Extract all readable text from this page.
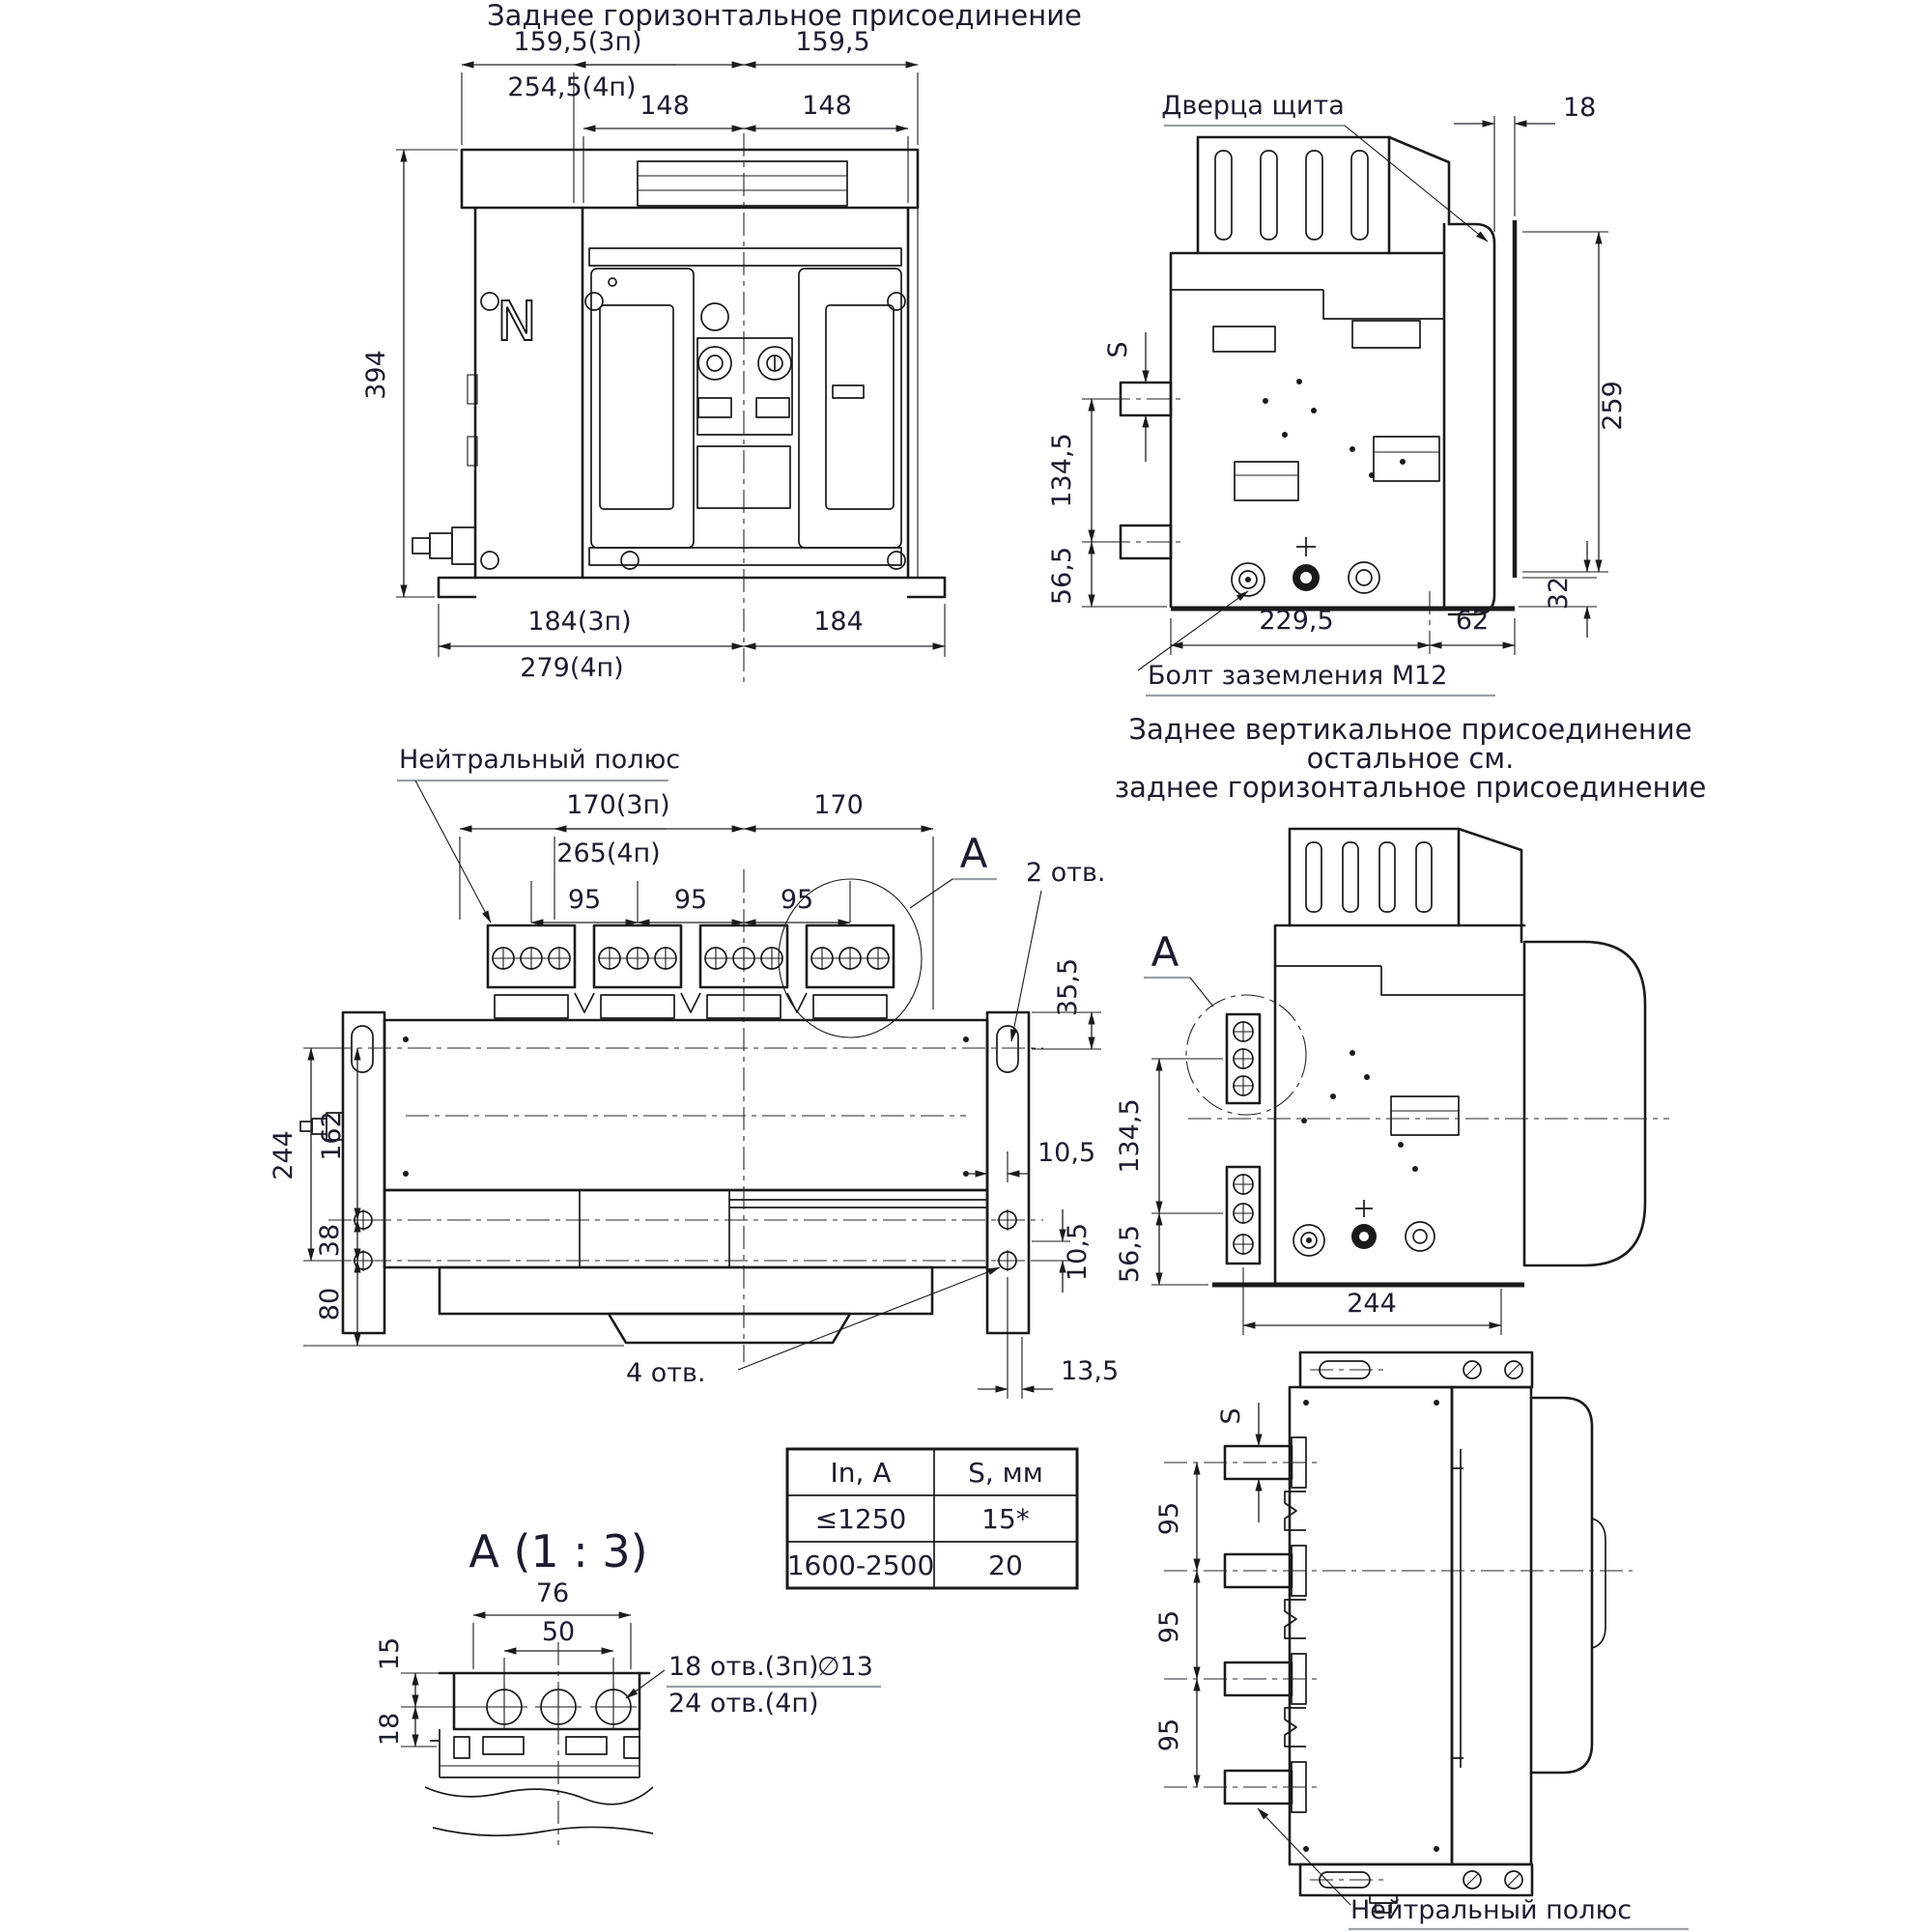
Заднее горизонтальное присоединение
N
159,5(3п)
254,5(4п)
159,5
148	148
394
184(3п)	184
279(4п)
Дверца щита	18
S
134,5
56,5
259
32
229,5	62
Болт заземления М12
Нейтральный полюс
170(3п)
265(4п)
170
95	95	95
А 2 отв.
35,5
10,5
244 162
38
80
10,5
4 отв.	13,5
Заднее вертикальное присоединение
остальное см.
заднее горизонтальное присоединение
А
134,5
56,5
244
In, A	S, мм
≤1250	15*
1600-2500 20
А (1 : 3)
76
50
18 отв.(3п)
∅13
24 отв.(4п)
15
18
S
95
95
95
Нейтральный полюс
